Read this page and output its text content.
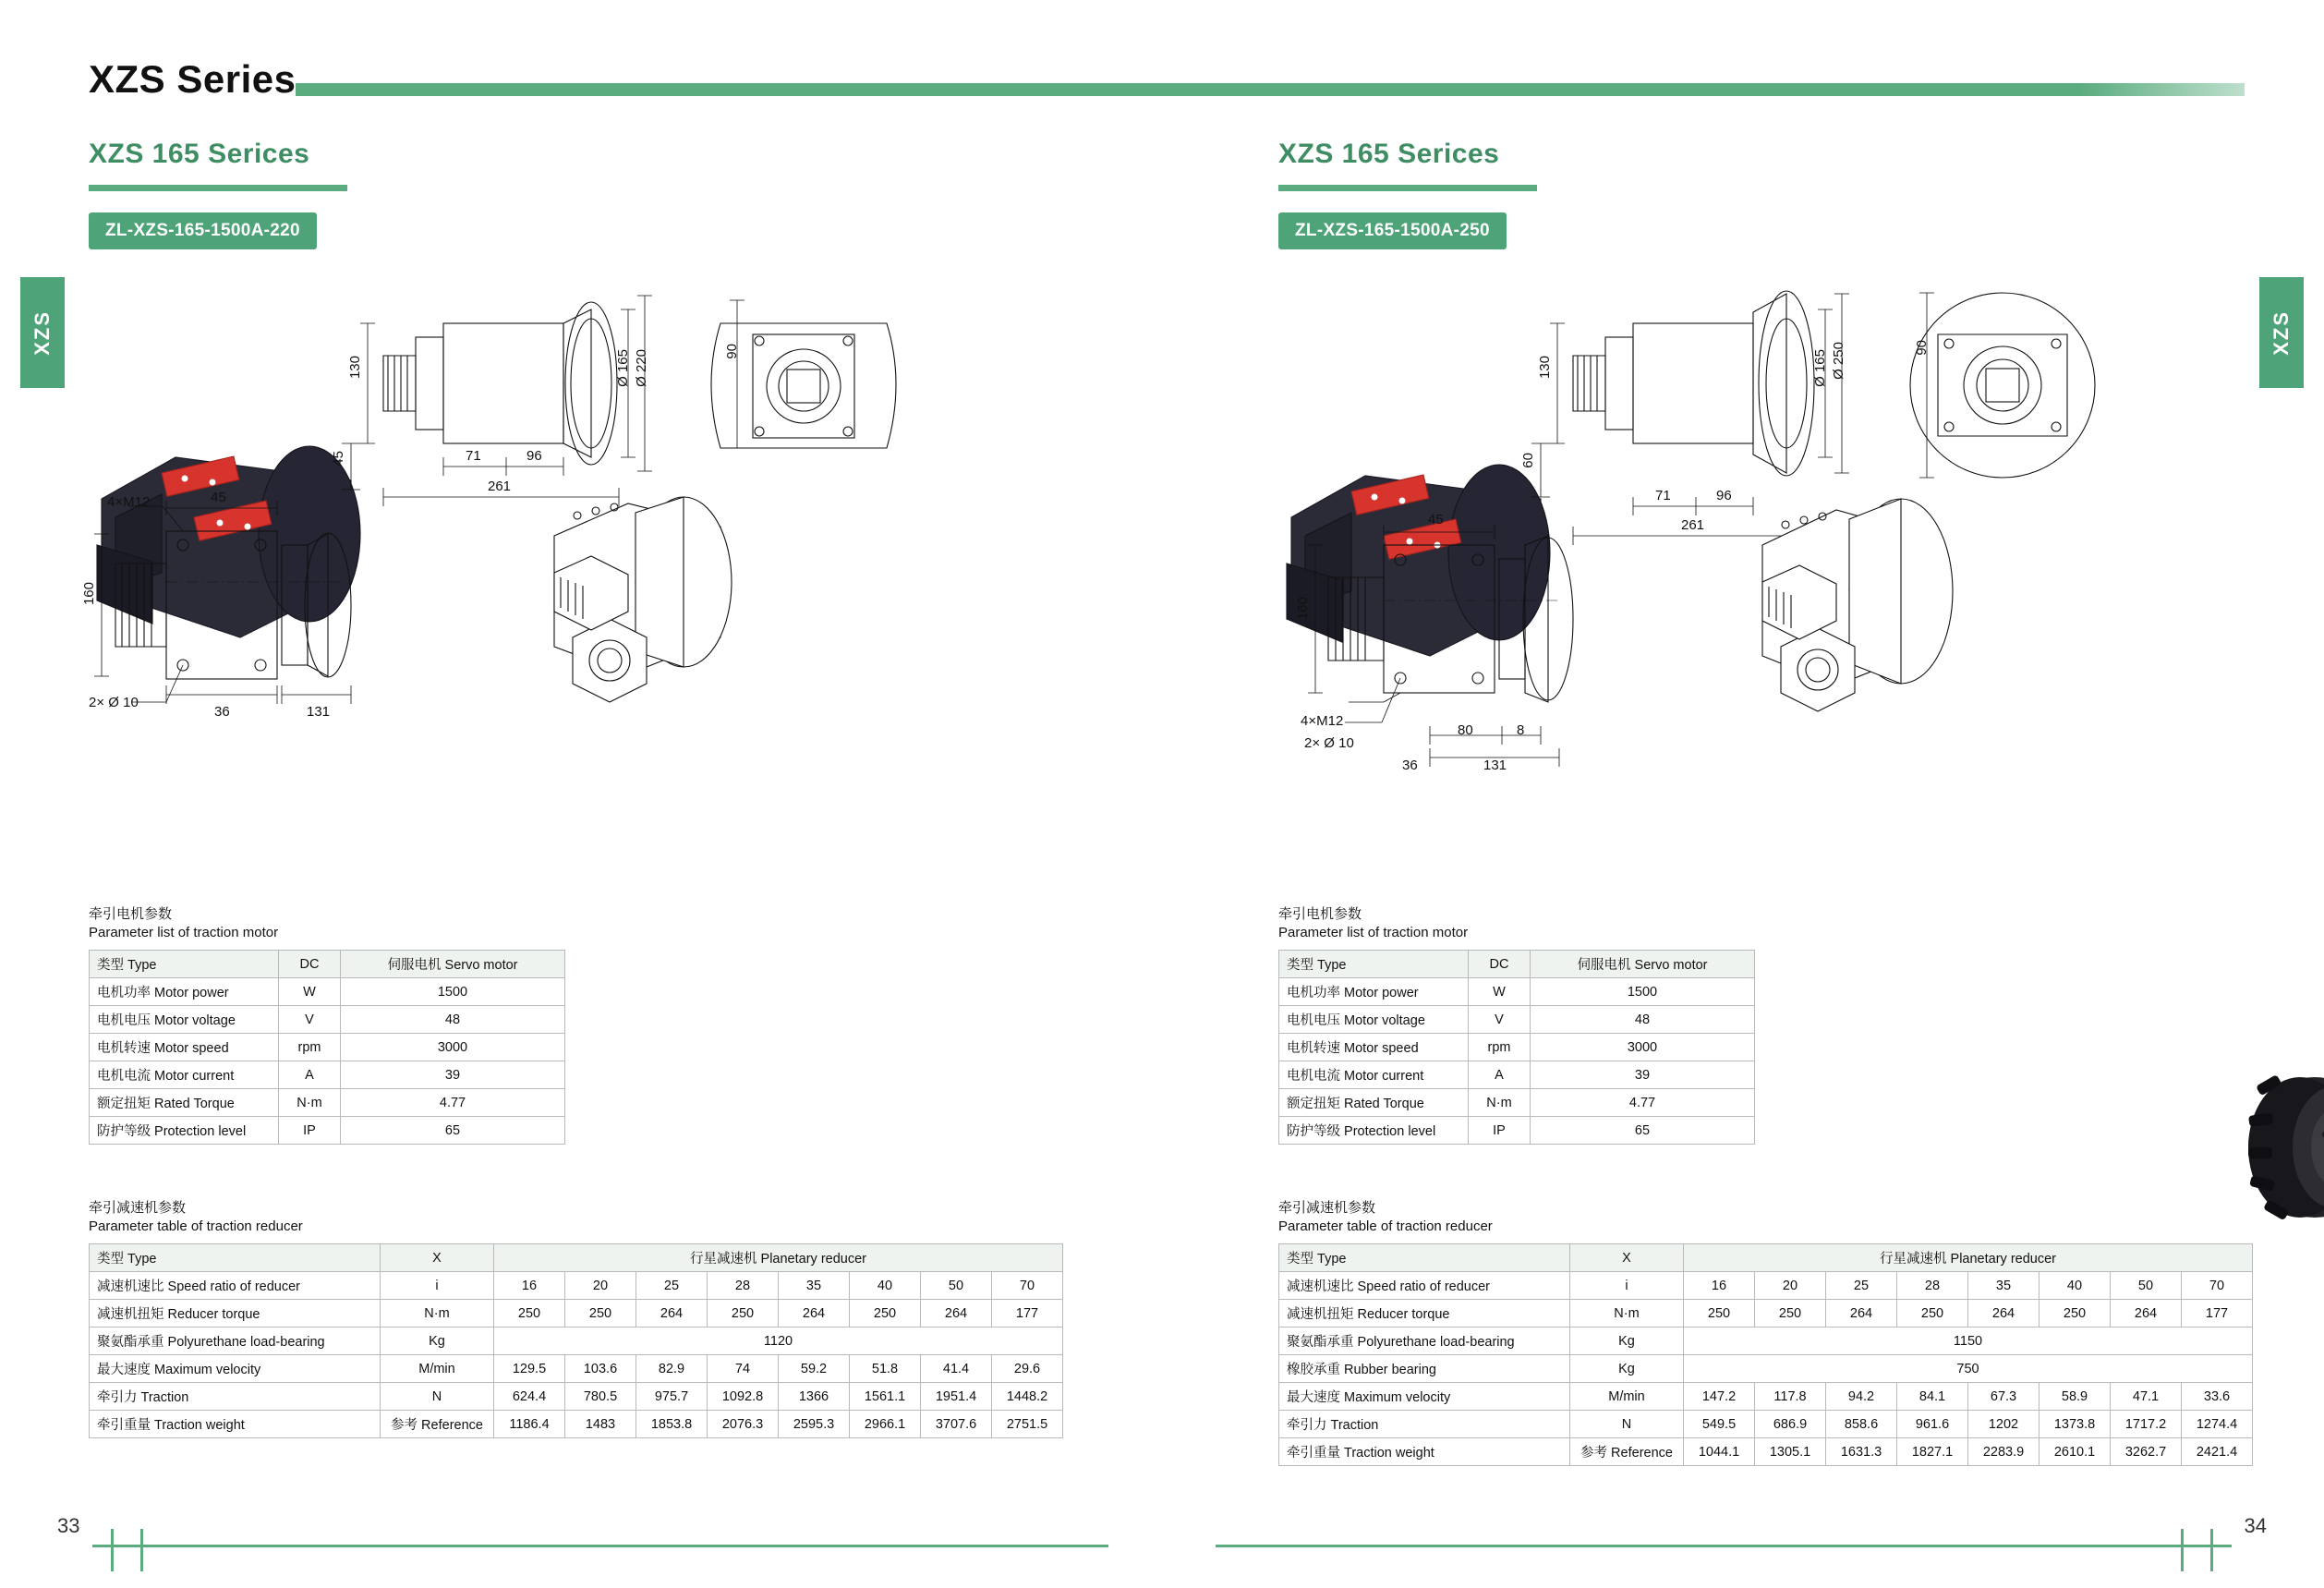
XZS Series
XZS	XZS
XZS 165 Serices
ZL-XZS-165-1500A-220
130
45	71	96
261
Ø 165 Ø 220	90
4×M12	45
160
2× Ø 10
36	131
牵引电机参数
Parameter list of traction motor
类型 Type	DC	伺服电机 Servo motor
电机功率 Motor power	W	1500
电机电压 Motor voltage	V	48
电机转速 Motor speed	rpm	3000
电机电流 Motor current	A	39
额定扭矩 Rated Torque	N·m	4.77
防护等级 Protection level	IP	65
牵引减速机参数
Parameter table of traction reducer
类型 Type	X	行星减速机 Planetary reducer							
减速机速比 Speed ratio of reducer	i	16	20	25	28	35	40	50	70
减速机扭矩 Reducer torque	N·m	250	250	264	250	264	250	264	177
聚氨酯承重 Polyurethane load-bearing	Kg	1120							
最大速度 Maximum velocity	M/min	129.5	103.6	82.9	74	59.2	51.8	41.4	29.6
牵引力 Traction	N	624.4	780.5	975.7	1092.8	1366	1561.1	1951.4	1448.2
牵引重量 Traction weight	参考 Reference	1186.4	1483	1853.8	2076.3	2595.3	2966.1	3707.6	2751.5
XZS 165 Serices
ZL-XZS-165-1500A-250
130
60
71	96
261
Ø 165 Ø 250	90
45
160
4×M12
2× Ø 10
36
80	8
131
牵引电机参数
Parameter list of traction motor
类型 Type	DC	伺服电机 Servo motor
电机功率 Motor power	W	1500
电机电压 Motor voltage	V	48
电机转速 Motor speed	rpm	3000
电机电流 Motor current	A	39
额定扭矩 Rated Torque	N·m	4.77
防护等级 Protection level	IP	65
牵引减速机参数
Parameter table of traction reducer
类型 Type	X	行星减速机 Planetary reducer							
减速机速比 Speed ratio of reducer	i	16	20	25	28	35	40	50	70
减速机扭矩 Reducer torque	N·m	250	250	264	250	264	250	264	177
聚氨酯承重 Polyurethane load-bearing	Kg	1150							
橡胶承重 Rubber bearing	Kg	750							
最大速度 Maximum velocity	M/min	147.2	117.8	94.2	84.1	67.3	58.9	47.1	33.6
牵引力 Traction	N	549.5	686.9	858.6	961.6	1202	1373.8	1717.2	1274.4
牵引重量 Traction weight	参考 Reference	1044.1	1305.1	1631.3	1827.1	2283.9	2610.1	3262.7	2421.4
33	34
